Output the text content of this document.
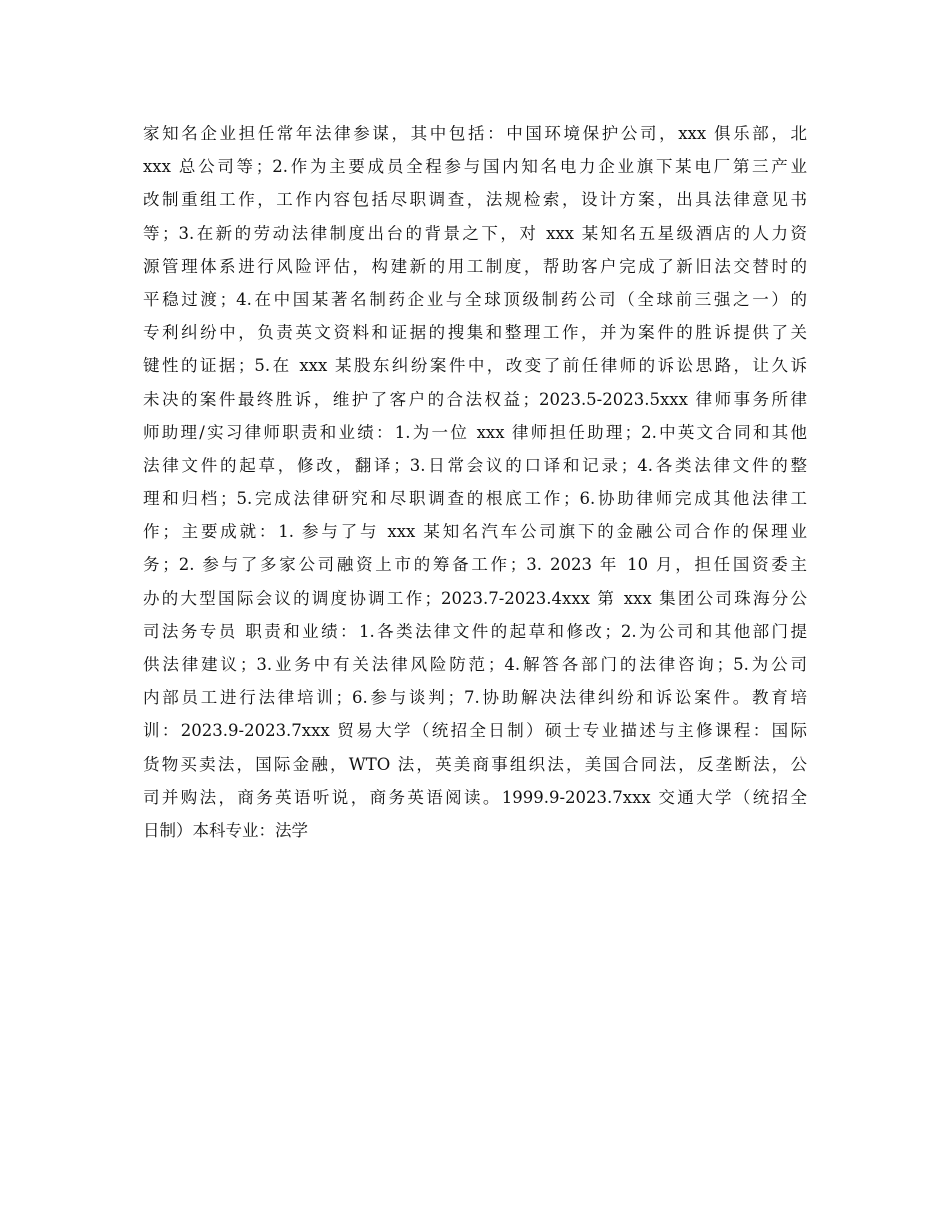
家知名企业担任常年法律参谋，其中包括：中国环境保护公司，xxx 俱乐部，北
xxx 总公司等；2.作为主要成员全程参与国内知名电力企业旗下某电厂第三产业
改制重组工作，工作内容包括尽职调查，法规检索，设计方案，出具法律意见书
等；3.在新的劳动法律制度出台的背景之下，对 xxx 某知名五星级酒店的人力资
源管理体系进行风险评估，构建新的用工制度，帮助客户完成了新旧法交替时的
平稳过渡；4.在中国某著名制药企业与全球顶级制药公司（全球前三强之一）的
专利纠纷中，负责英文资料和证据的搜集和整理工作，并为案件的胜诉提供了关
键性的证据；5.在 xxx 某股东纠纷案件中，改变了前任律师的诉讼思路，让久诉
未决的案件最终胜诉，维护了客户的合法权益；2023.5-2023.5xxx 律师事务所律
师助理/实习律师职责和业绩：1.为一位 xxx 律师担任助理；2.中英文合同和其他
法律文件的起草，修改，翻译；3.日常会议的口译和记录；4.各类法律文件的整
理和归档；5.完成法律研究和尽职调查的根底工作；6.协助律师完成其他法律工
作；主要成就：1. 参与了与 xxx 某知名汽车公司旗下的金融公司合作的保理业
务；2. 参与了多家公司融资上市的筹备工作；3. 2023 年 10 月，担任国资委主
办的大型国际会议的调度协调工作；2023.7-2023.4xxx 第 xxx 集团公司珠海分公
司法务专员 职责和业绩：1.各类法律文件的起草和修改；2.为公司和其他部门提
供法律建议；3.业务中有关法律风险防范；4.解答各部门的法律咨询；5.为公司
内部员工进行法律培训；6.参与谈判；7.协助解决法律纠纷和诉讼案件。教育培
训：2023.9-2023.7xxx 贸易大学（统招全日制）硕士专业描述与主修课程：国际
货物买卖法，国际金融，WTO 法，英美商事组织法，美国合同法，反垄断法，公
司并购法，商务英语听说，商务英语阅读。1999.9-2023.7xxx 交通大学（统招全
日制）本科专业：法学
